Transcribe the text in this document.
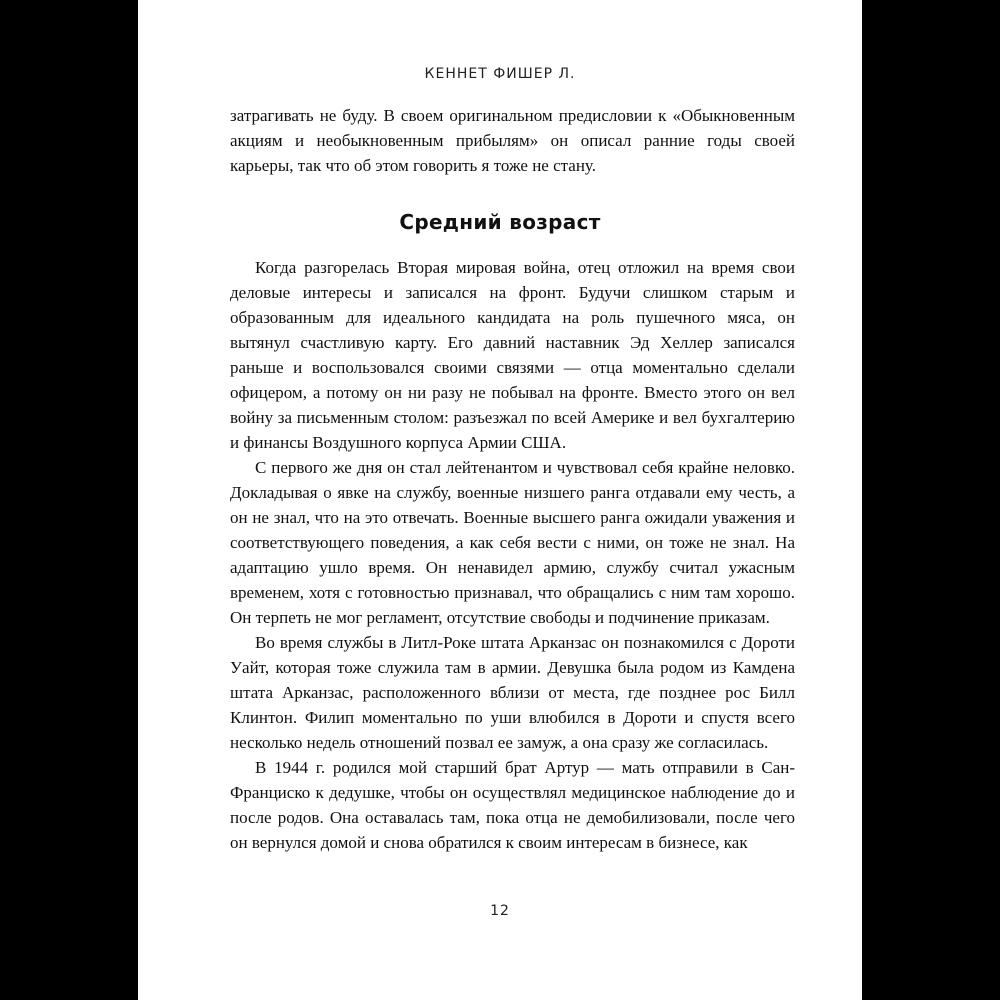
КЕННЕТ ФИШЕР Л.

затрагивать не буду. В своем оригинальном предисловии к «Обыкновенным акциям и необыкновенным прибылям» он описал ранние годы своей карьеры, так что об этом говорить я тоже не стану.

Средний возраст

Когда разгорелась Вторая мировая война, отец отложил на время свои деловые интересы и записался на фронт. Будучи слишком старым и образованным для идеального кандидата на роль пушечного мяса, он вытянул счастливую карту. Его давний наставник Эд Хеллер записался раньше и воспользовался своими связями — отца моментально сделали офицером, а потому он ни разу не побывал на фронте. Вместо этого он вел войну за письменным столом: разъезжал по всей Америке и вел бухгалтерию и финансы Воздушного корпуса Армии США.

С первого же дня он стал лейтенантом и чувствовал себя крайне неловко. Докладывая о явке на службу, военные низшего ранга отдавали ему честь, а он не знал, что на это отвечать. Военные высшего ранга ожидали уважения и соответствующего поведения, а как себя вести с ними, он тоже не знал. На адаптацию ушло время. Он ненавидел армию, службу считал ужасным временем, хотя с готовностью признавал, что обращались с ним там хорошо. Он терпеть не мог регламент, отсутствие свободы и подчинение приказам.

Во время службы в Литл-Роке штата Арканзас он познакомился с Дороти Уайт, которая тоже служила там в армии. Девушка была родом из Камдена штата Арканзас, расположенного вблизи от места, где позднее рос Билл Клинтон. Филип моментально по уши влюбился в Дороти и спустя всего несколько недель отношений позвал ее замуж, а она сразу же согласилась.

В 1944 г. родился мой старший брат Артур — мать отправили в Сан-Франциско к дедушке, чтобы он осуществлял медицинское наблюдение до и после родов. Она оставалась там, пока отца не демобилизовали, после чего он вернулся домой и снова обратился к своим интересам в бизнесе, как

12
